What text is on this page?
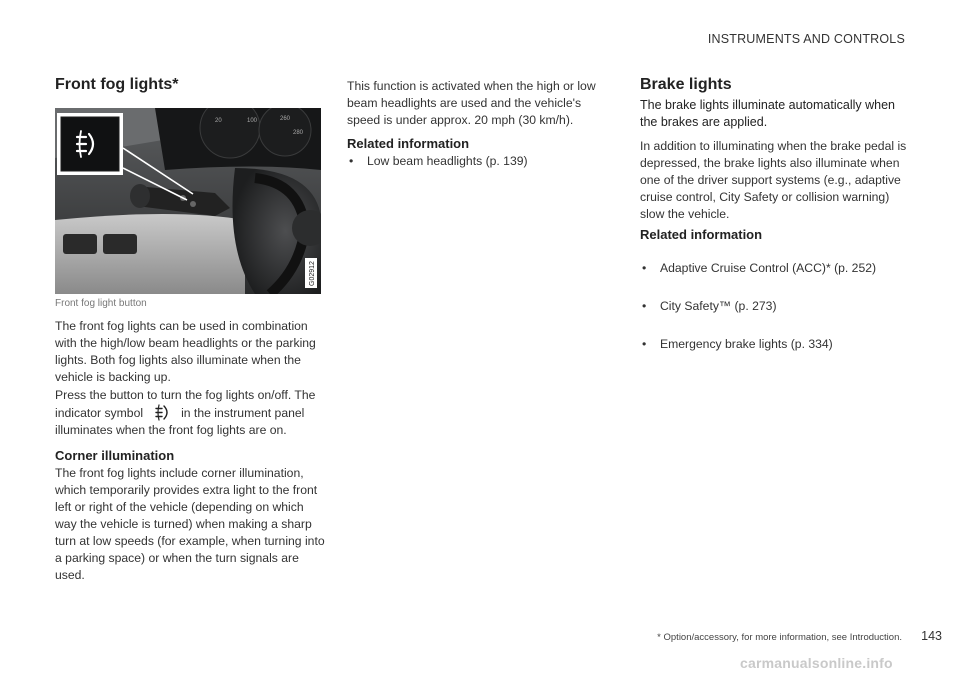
INSTRUMENTS AND CONTROLS
Front fog lights*
20	100	260
280
G02912
Front fog light button

The front fog lights can be used in combination with the high/low beam headlights or the parking lights. Both fog lights also illuminate when the vehicle is backing up.

Press the button to turn the fog lights on/off. The indicator symbol	in the instrument panel illuminates when the front fog lights are on.
Corner illumination

The front fog lights include corner illumination, which temporarily provides extra light to the front left or right of the vehicle (depending on which way the vehicle is turned) when making a sharp turn at low speeds (for example, when turning into a parking space) or when the turn signals are used.

This function is activated when the high or low beam headlights are used and the vehicle's speed is under approx. 20 mph (30 km/h).

Related information
• Low beam headlights (p. 139)
Brake lights

The brake lights illuminate automatically when the brakes are applied.

In addition to illuminating when the brake pedal is depressed, the brake lights also illuminate when one of the driver support systems (e.g., adaptive cruise control, City Safety or collision warning) slow the vehicle.

Related information
• Adaptive Cruise Control (ACC)* (p. 252)
• City Safety™ (p. 273)
• Emergency brake lights (p. 334)
* Option/accessory, for more information, see Introduction. 143
carmanualsonline.info
